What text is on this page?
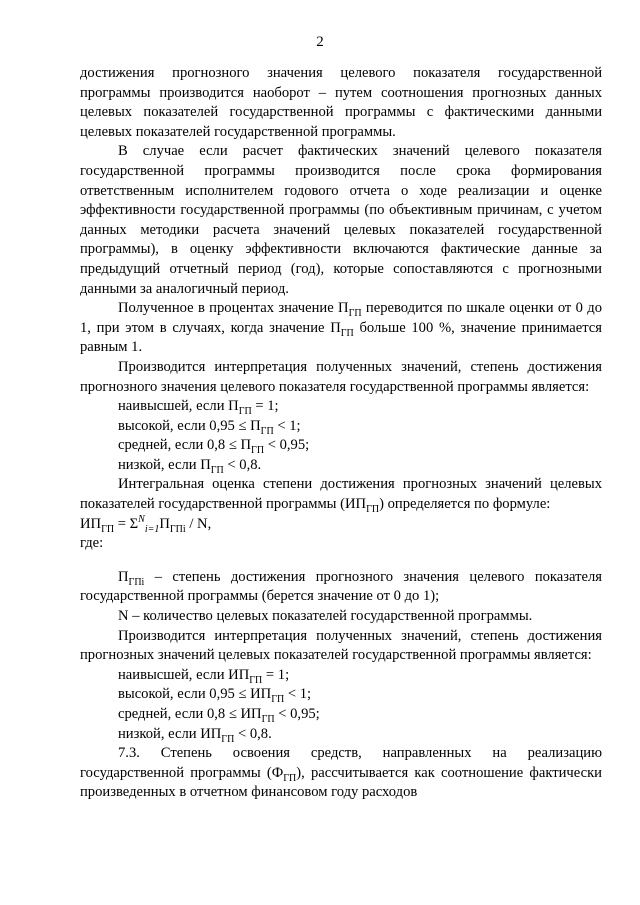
2

достижения прогнозного значения целевого показателя государственной программы производится наоборот – путем соотношения прогнозных данных целевых показателей государственной программы с фактическими данными целевых показателей государственной программы.

В случае если расчет фактических значений целевого показателя государственной программы производится после срока формирования ответственным исполнителем годового отчета о ходе реализации и оценке эффективности государственной программы (по объективным причинам, с учетом данных методики расчета значений целевых показателей государственной программы), в оценку эффективности включаются фактические данные за предыдущий отчетный период (год), которые сопоставляются с прогнозными данными за аналогичный период.

Полученное в процентах значение $П_{ГП}$ переводится по шкале оценки от 0 до 1, при этом в случаях, когда значение $П_{ГП}$ больше 100 %, значение принимается равным 1.

Производится интерпретация полученных значений, степень достижения прогнозного значения целевого показателя государственной программы является:

наивысшей, если $П_{ГП} = 1$;

высокой, если $0,95 \le П_{ГП} < 1$;

средней, если $0,8 \le П_{ГП} < 0,95$;

низкой, если $П_{ГП} < 0,8$.

Интегральная оценка степени достижения прогнозных значений целевых показателей государственной программы $(ИП_{ГП})$ определяется по формуле:

$ИП_{ГП} = \Sigma^N_{i=1}П_{ГПi} / N$,

где:

$П_{ГПi}$ – степень достижения прогнозного значения целевого показателя государственной программы (берется значение от 0 до 1);

N – количество целевых показателей государственной программы.

Производится интерпретация полученных значений, степень достижения прогнозных значений целевых показателей государственной программы является:

наивысшей, если $ИП_{ГП} = 1$;

высокой, если $0,95 \le ИП_{ГП} < 1$;

средней, если $0,8 \le ИП_{ГП} < 0,95$;

низкой, если $ИП_{ГП} < 0,8$.

7.3. Степень освоения средств, направленных на реализацию государственной программы $(Ф_{ГП})$, рассчитывается как соотношение фактически произведенных в отчетном финансовом году расходов
